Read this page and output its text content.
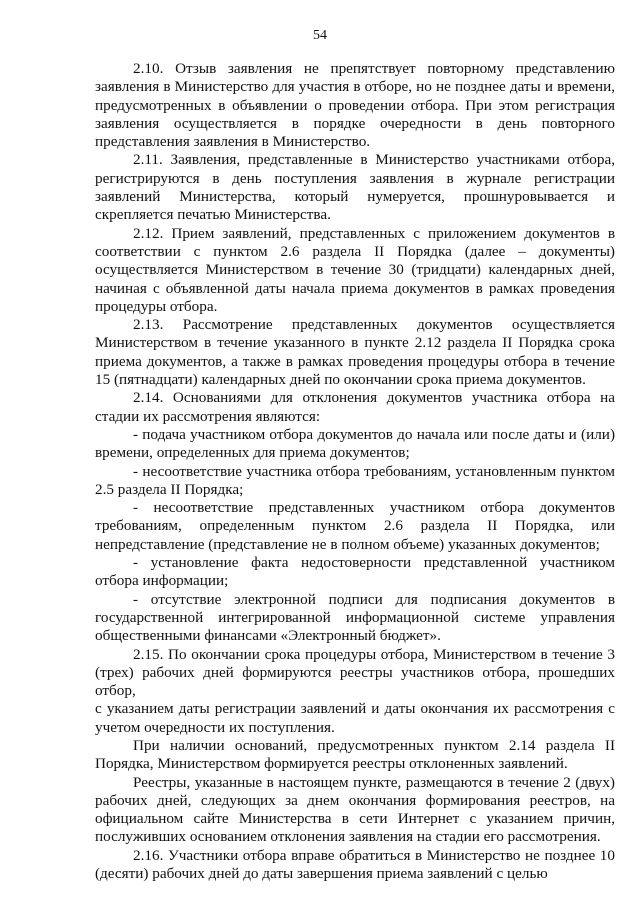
54

2.10. Отзыв заявления не препятствует повторному представлению заявления в Министерство для участия в отборе, но не позднее даты и времени, предусмотренных в объявлении о проведении отбора. При этом регистрация заявления осуществляется в порядке очередности в день повторного представления заявления в Министерство.

2.11. Заявления, представленные в Министерство участниками отбора, регистрируются в день поступления заявления в журнале регистрации заявлений Министерства, который нумеруется, прошнуровывается и скрепляется печатью Министерства.

2.12. Прием заявлений, представленных с приложением документов в соответствии с пунктом 2.6 раздела II Порядка (далее – документы) осуществляется Министерством в течение 30 (тридцати) календарных дней, начиная с объявленной даты начала приема документов в рамках проведения процедуры отбора.

2.13. Рассмотрение представленных документов осуществляется Министерством в течение указанного в пункте 2.12 раздела II Порядка срока приема документов, а также в рамках проведения процедуры отбора в течение 15 (пятнадцати) календарных дней по окончании срока приема документов.

2.14. Основаниями для отклонения документов участника отбора на стадии их рассмотрения являются:

- подача участником отбора документов до начала или после даты и (или) времени, определенных для приема документов;

- несоответствие участника отбора требованиям, установленным пунктом 2.5 раздела II Порядка;

- несоответствие представленных участником отбора документов требованиям, определенным пунктом 2.6 раздела II Порядка, или непредставление (представление не в полном объеме) указанных документов;

- установление факта недостоверности представленной участником отбора информации;

- отсутствие электронной подписи для подписания документов в государственной интегрированной информационной системе управления общественными финансами «Электронный бюджет».

2.15. По окончании срока процедуры отбора, Министерством в течение 3 (трех) рабочих дней формируются реестры участников отбора, прошедших отбор,

с указанием даты регистрации заявлений и даты окончания их рассмотрения с учетом очередности их поступления.

При наличии оснований, предусмотренных пунктом 2.14 раздела II Порядка, Министерством формируется реестры отклоненных заявлений.

Реестры, указанные в настоящем пункте, размещаются в течение 2 (двух) рабочих дней, следующих за днем окончания формирования реестров, на официальном сайте Министерства в сети Интернет с указанием причин, послуживших основанием отклонения заявления на стадии его рассмотрения.

2.16. Участники отбора вправе обратиться в Министерство не позднее 10 (десяти) рабочих дней до даты завершения приема заявлений с целью
